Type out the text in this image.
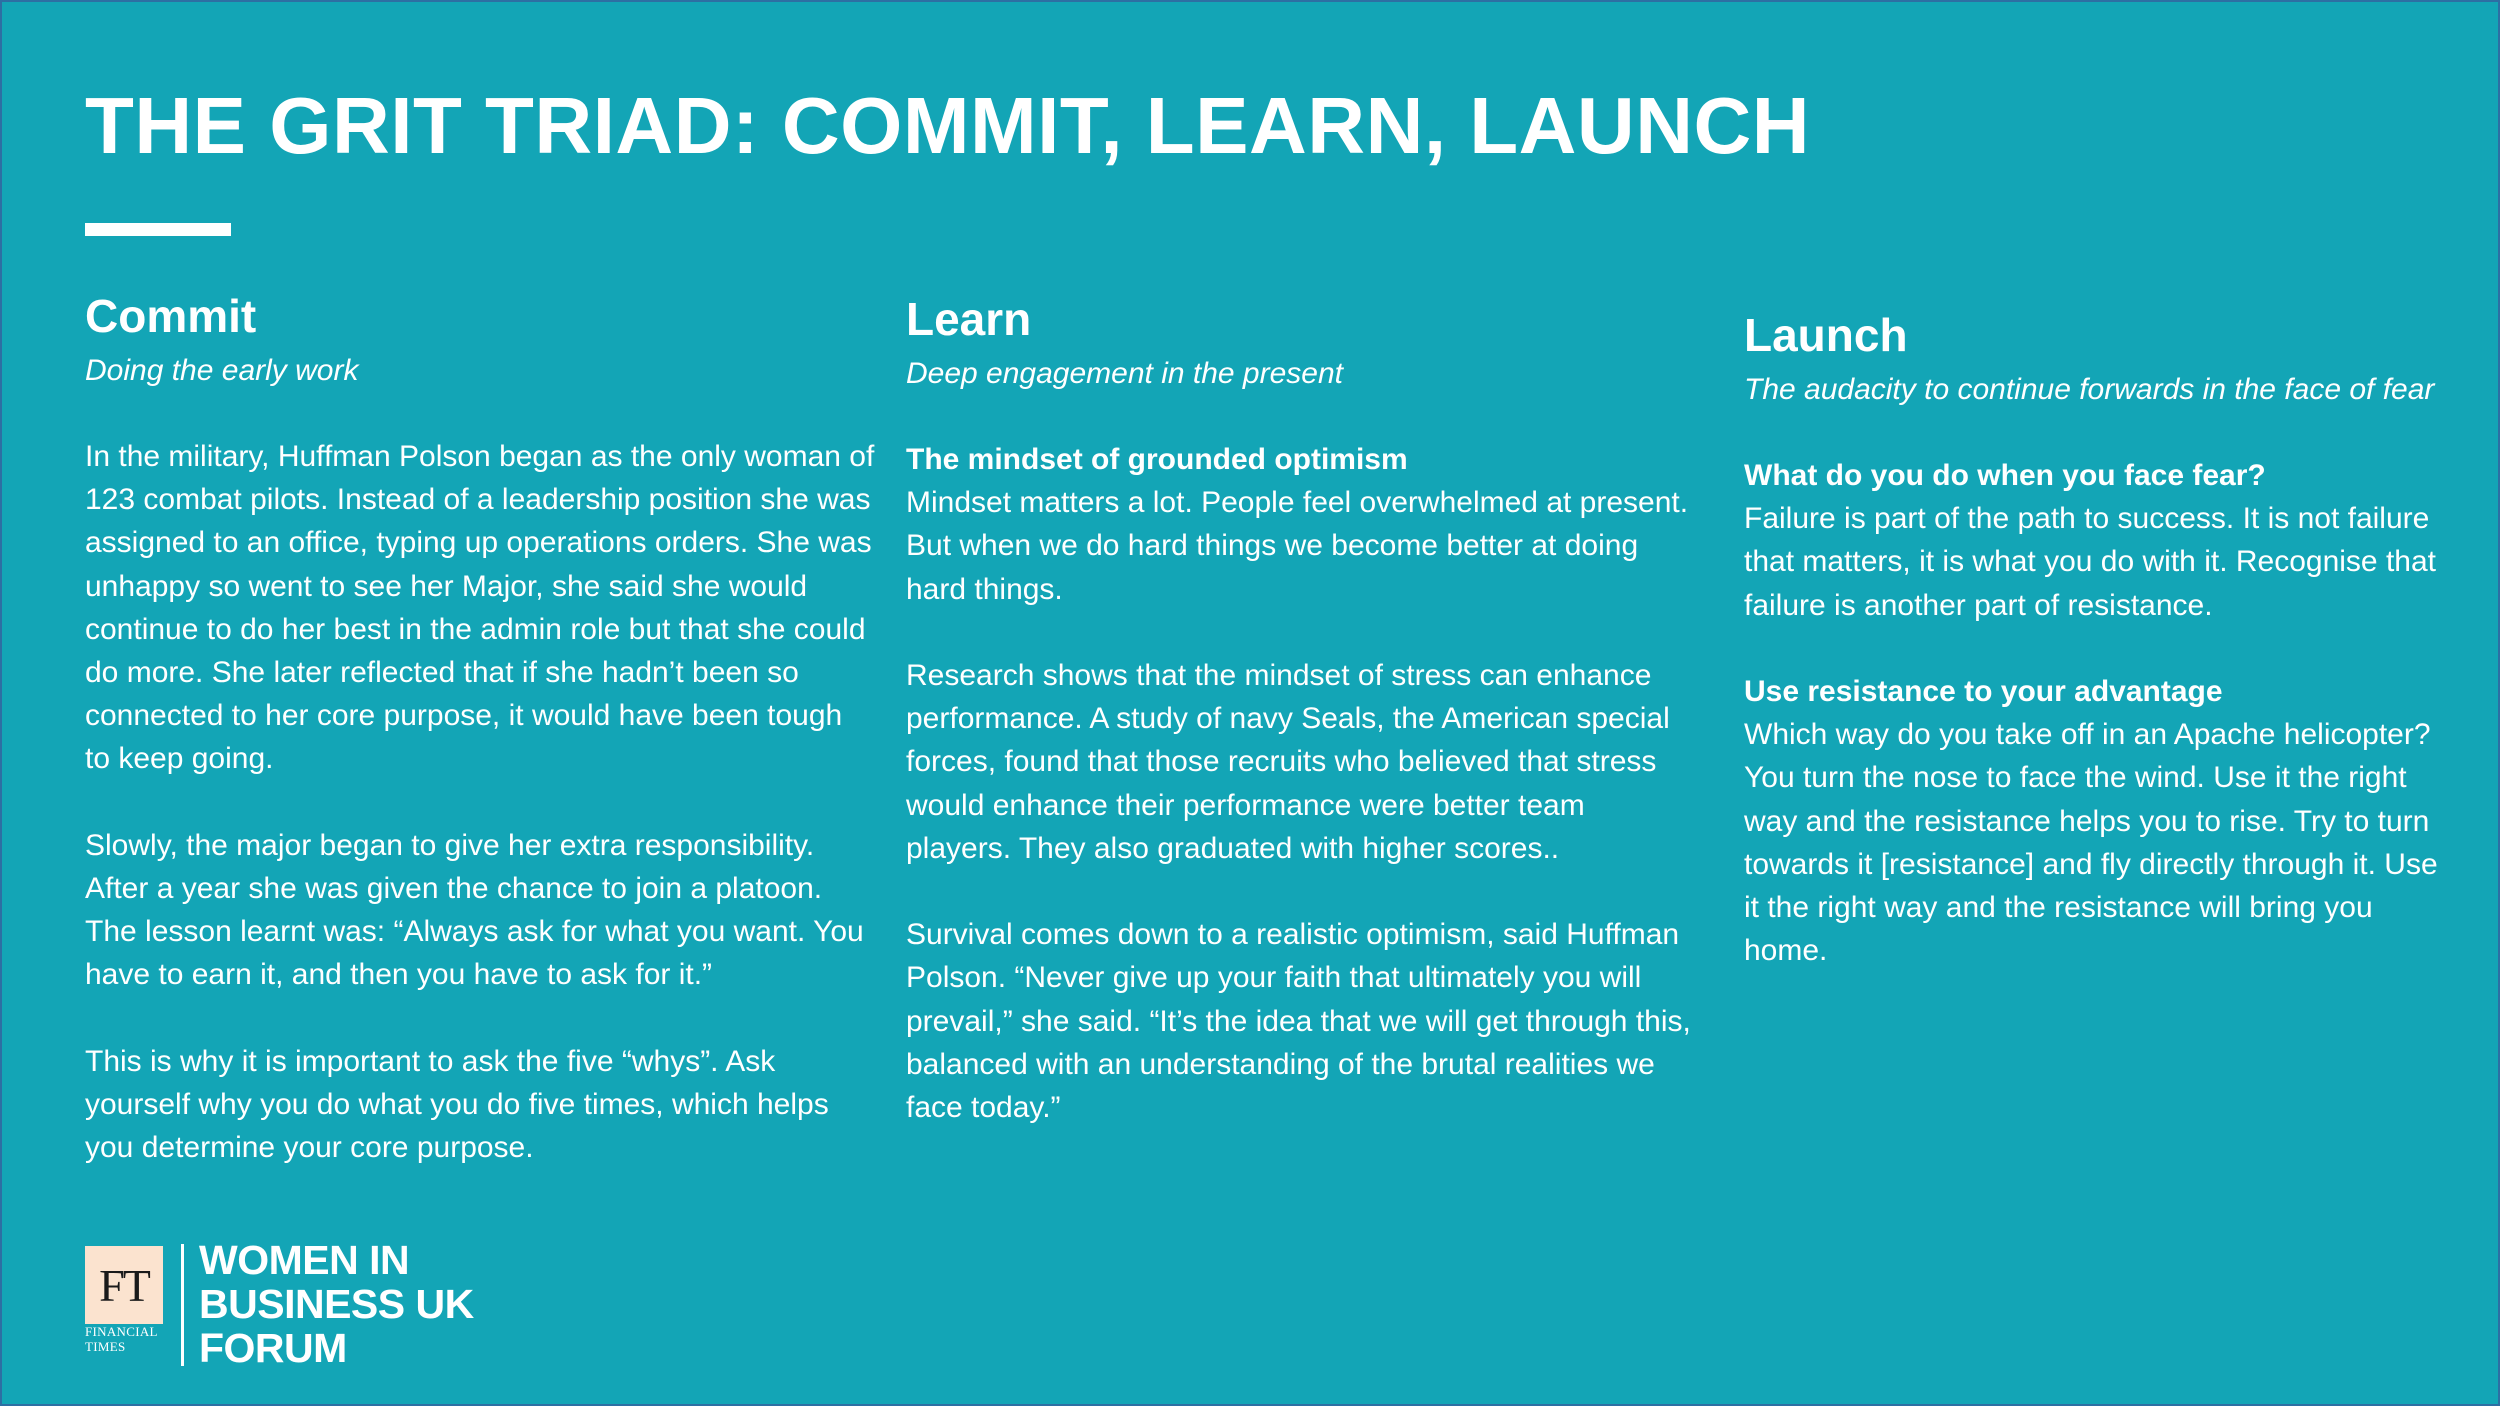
THE GRIT TRIAD: COMMIT, LEARN, LAUNCH
Commit
Doing the early work

In the military, Huffman Polson began as the only woman of 123 combat pilots. Instead of a leadership position she was assigned to an office, typing up operations orders. She was unhappy so went to see her Major, she said she would continue to do her best in the admin role but that she could do more. She later reflected that if she hadn’t been so connected to her core purpose, it would have been tough to keep going.

Slowly, the major began to give her extra responsibility. After a year she was given the chance to join a platoon. The lesson learnt was: “Always ask for what you want. You have to earn it, and then you have to ask for it.”

This is why it is important to ask the five “whys”. Ask yourself why you do what you do five times, which helps you determine your core purpose.

Learn
Deep engagement in the present

The mindset of grounded optimism

Mindset matters a lot. People feel overwhelmed at present. But when we do hard things we become better at doing hard things.

Research shows that the mindset of stress can enhance performance. A study of navy Seals, the American special forces, found that those recruits who believed that stress would enhance their performance were better team players. They also graduated with higher scores..

Survival comes down to a realistic optimism, said Huffman Polson. “Never give up your faith that ultimately you will prevail,” she said. “It’s the idea that we will get through this, balanced with an understanding of the brutal realities we face today.”

Launch
The audacity to continue forwards in the face of fear

What do you do when you face fear?

Failure is part of the path to success. It is not failure that matters, it is what you do with it. Recognise that failure is another part of resistance.

Use resistance to your advantage

Which way do you take off in an Apache helicopter? You turn the nose to face the wind. Use it the right way and the resistance helps you to rise. Try to turn towards it [resistance] and fly directly through it. Use it the right way and the resistance will bring you home.

FT
FINANCIAL
TIMES
WOMEN IN
BUSINESS UK
FORUM
